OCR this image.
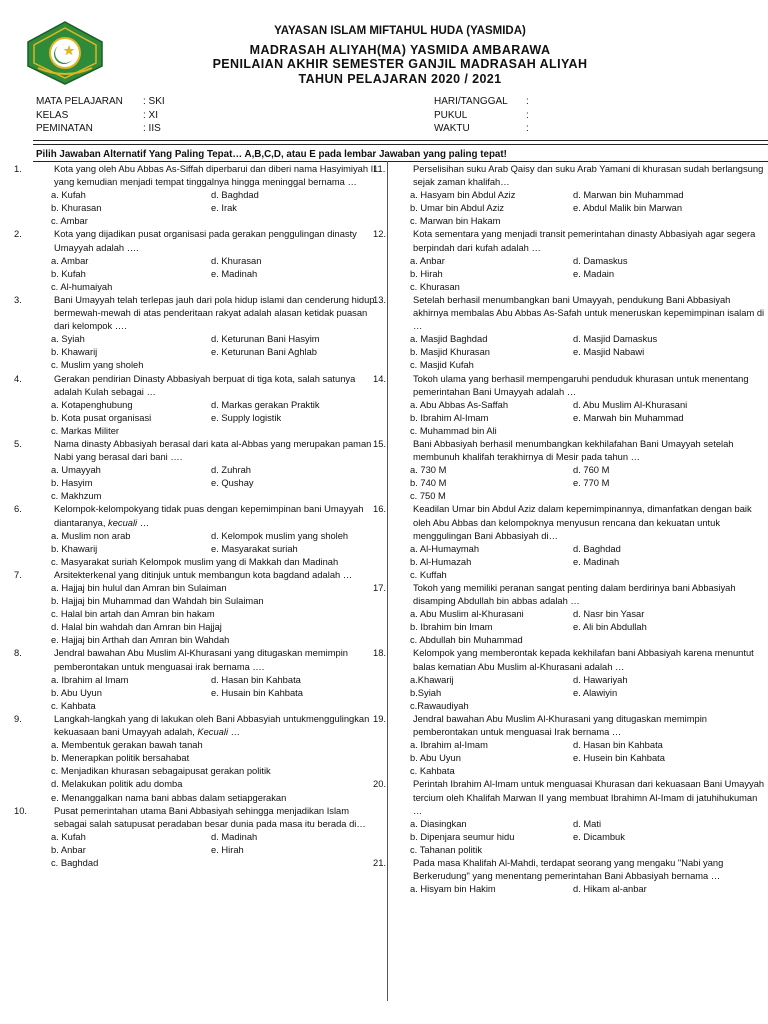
YAYASAN ISLAM MIFTAHUL HUDA (YASMIDA)
MADRASAH ALIYAH(MA) YASMIDA AMBARAWA
PENILAIAN AKHIR SEMESTER GANJIL MADRASAH ALIYAH
TAHUN PELAJARAN 2020 / 2021
MATA PELAJARAN : SKI
KELAS	: XI
PEMINATAN	: IIS
HARI/TANGGAL :
PUKUL	:
WAKTU	:
Pilih Jawaban Alternatif Yang Paling Tepat… A,B,C,D, atau E pada lembar Jawaban yang paling tepat!
1.	Kota yang oleh Abu Abbas As-Siffah diperbarui dan diberi nama Hasyimiyah II yang kemudian menjadi tempat tinggalnya hingga meninggal bernama …
a. Kufah	d. Baghdad
b. Khurasan	e. Irak
c. Ambar
2.	Kota yang dijadikan pusat organisasi pada gerakan penggulingan dinasty Umayyah adalah ….
a. Ambar	d. Khurasan
b. Kufah	e. Madinah
c. Al-humaiyah
3.	Bani Umayyah telah terlepas jauh dari pola hidup islami dan cenderung hidup bermewah-mewah di atas penderitaan rakyat adalah alasan ketidak puasan dari kelompok ….
a. Syiah	d. Keturunan Bani Hasyim
b. Khawarij	e. Keturunan Bani Aghlab
c. Muslim yang sholeh
4.	Gerakan pendirian Dinasty Abbasiyah berpuat di tiga kota, salah satunya adalah Kulah sebagai …
a. Kotapenghubung	d. Markas gerakan Praktik
b. Kota pusat organisasi	e. Supply logistik
c. Markas Militer
5.	Nama dinasty Abbasiyah berasal dari kata al-Abbas yang merupakan paman Nabi yang berasal dari bani ….
a. Umayyah	d. Zuhrah
b. Hasyim	e. Qushay
c. Makhzum
6.	Kelompok-kelompokyang tidak puas dengan kepemimpinan bani Umayyah diantaranya, kecuali …
a. Muslim non arab	d. Kelompok muslim yang sholeh
b. Khawarij	e. Masyarakat suriah
c. Masyarakat suriah Kelompok muslim yang di Makkah dan Madinah
7.	Arsitekterkenal yang ditinjuk untuk membangun kota bagdand adalah …
a. Hajjaj bin hulul dan Amran bin Sulaiman
b. Hajjaj bin Muhammad dan Wahdah bin Sulaiman
c. Halal bin artah dan Amran bin hakam
d. Halal bin wahdah dan Amran bin Hajjaj
e. Hajjaj bin Arthah dan Amran bin Wahdah
8.	Jendral bawahan Abu Muslim Al-Khurasani yang ditugaskan memimpin pemberontakan untuk menguasai irak bernama ….
a. Ibrahim al Imam	d. Hasan bin Kahbata
b. Abu Uyun	e. Husain bin Kahbata
c. Kahbata
9.	Langkah-langkah yang di lakukan oleh Bani Abbasyiah untukmenggulingkan kekuasaan bani Umayyah adalah, Kecuali …
a. Membentuk gerakan bawah tanah
b. Menerapkan politik bersahabat
c. Menjadikan khurasan sebagaipusat gerakan politik
d. Melakukan politik adu domba
e. Menanggalkan nama bani abbas dalam setiapgerakan
10.	Pusat pemerintahan utama Bani Abbasiyah sehingga menjadikan Islam sebagai salah satupusat peradaban besar dunia pada masa itu berada di…
a. Kufah	d. Madinah
b. Anbar	e. Hirah
c. Baghdad
11.	Perselisihan suku Arab Qaisy dan suku Arab Yamani di khurasan sudah berlangsung sejak zaman khalifah…
a. Hasyam bin Abdul Aziz	d. Marwan bin Muhammad
b. Umar bin Abdul Aziz	e. Abdul Malik bin Marwan
c. Marwan bin Hakam
12.	Kota sementara yang menjadi transit pemerintahan dinasty Abbasiyah agar segera berpindah dari kufah adalah …
a. Anbar	d. Damaskus
b. Hirah	e. Madain
c. Khurasan
13.	Setelah berhasil menumbangkan bani Umayyah, pendukung Bani Abbasiyah akhirnya membalas Abu Abbas As-Safah untuk meneruskan kepemimpinan isalam di …
a. Masjid Baghdad	d. Masjid Damaskus
b. Masjid Khurasan	e. Masjid Nabawi
c. Masjid Kufah
14.	Tokoh ulama yang berhasil mempengaruhi penduduk khurasan untuk menentang pemerintahan Bani Umayyah adalah …
a. Abu Abbas As-Saffah	d. Abu Muslim Al-Khurasani
b. Ibrahim Al-Imam	e. Marwah bin Muhammad
c. Muhammad bin Ali
15.	Bani Abbasiyah berhasil menumbangkan kekhilafahan Bani Umayyah setelah membunuh khalifah terakhirnya di Mesir pada tahun …
a. 730 M	d. 760 M
b. 740 M	e. 770 M
c. 750 M
16.	Keadilan Umar bin Abdul Aziz dalam kepemimpinannya, dimanfatkan dengan baik oleh Abu Abbas dan kelompoknya menyusun rencana dan kekuatan untuk menggulingan Bani Abbasiyah di…
a. Al-Humaymah	d. Baghdad
b. Al-Humazah	e. Madinah
c. Kuffah
17.	Tokoh yang memiliki peranan sangat penting dalam berdirinya bani Abbasiyah disamping Abdullah bin abbas adalah …
a. Abu Muslim al-Khurasani	d. Nasr bin Yasar
b. Ibrahim bin Imam	e. Ali bin Abdullah
c. Abdullah bin Muhammad
18.	Kelompok yang memberontak kepada kekhilafan bani Abbasiyah karena menuntut balas kematian Abu Muslim al-Khurasani adalah …
a.Khawarij	d. Hawariyah
b.Syiah	e. Alawiyin
c.Rawaudiyah
19.	Jendral bawahan Abu Muslim Al-Khurasani yang ditugaskan memimpin pemberontakan untuk menguasai Irak bernama …
a. Ibrahim al-Imam	d. Hasan bin Kahbata
b. Abu Uyun	e. Husein bin Kahbata
c. Kahbata
20.	Perintah Ibrahim Al-Imam untuk menguasai Khurasan dari kekuasaan Bani Umayyah tercium oleh Khalifah Marwan II yang membuat Ibrahimn Al-Imam di jatuhihukuman …
a. Diasingkan	d. Mati
b. Dipenjara seumur hidu	e. Dicambuk
c. Tahanan politik
21.	Pada masa Khalifah Al-Mahdi, terdapat seorang yang mengaku "Nabi yang Berkerudung" yang menentang pemerintahan Bani Abbasiyah bernama …
a. Hisyam bin Hakim	d. Hikam al-anbar
